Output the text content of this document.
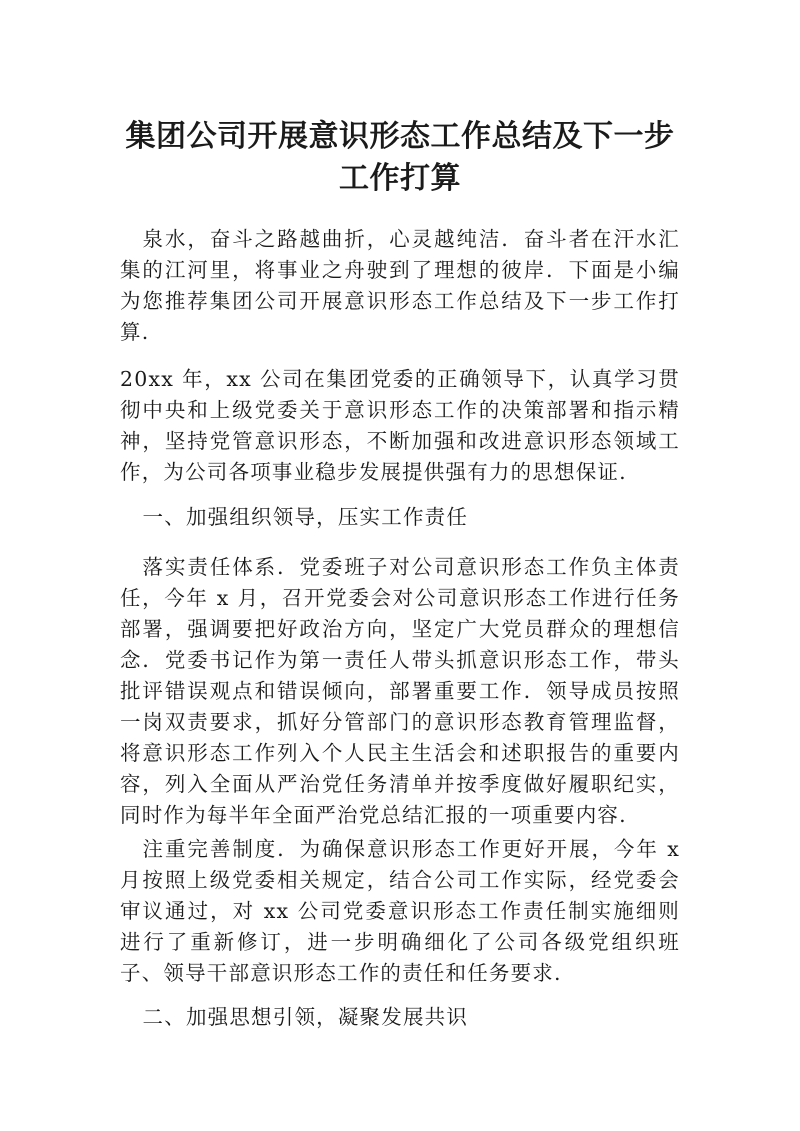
集团公司开展意识形态工作总结及下一步
工作打算
泉水，奋斗之路越曲折，心灵越纯洁．奋斗者在汗水汇集的江河里，将事业之舟驶到了理想的彼岸．下面是小编为您推荐集团公司开展意识形态工作总结及下一步工作打算.
20xx 年，xx 公司在集团党委的正确领导下，认真学习贯彻中央和上级党委关于意识形态工作的决策部署和指示精神，坚持党管意识形态，不断加强和改进意识形态领域工作，为公司各项事业稳步发展提供强有力的思想保证.
一、加强组织领导，压实工作责任
落实责任体系．党委班子对公司意识形态工作负主体责任，今年 x 月，召开党委会对公司意识形态工作进行任务部署，强调要把好政治方向，坚定广大党员群众的理想信念．党委书记作为第一责任人带头抓意识形态工作，带头批评错误观点和错误倾向，部署重要工作．领导成员按照一岗双责要求，抓好分管部门的意识形态教育管理监督，将意识形态工作列入个人民主生活会和述职报告的重要内容，列入全面从严治党任务清单并按季度做好履职纪实，同时作为每半年全面严治党总结汇报的一项重要内容.
注重完善制度．为确保意识形态工作更好开展，今年 x 月按照上级党委相关规定，结合公司工作实际，经党委会审议通过，对 xx 公司党委意识形态工作责任制实施细则进行了重新修订，进一步明确细化了公司各级党组织班子、领导干部意识形态工作的责任和任务要求.
二、加强思想引领，凝聚发展共识
